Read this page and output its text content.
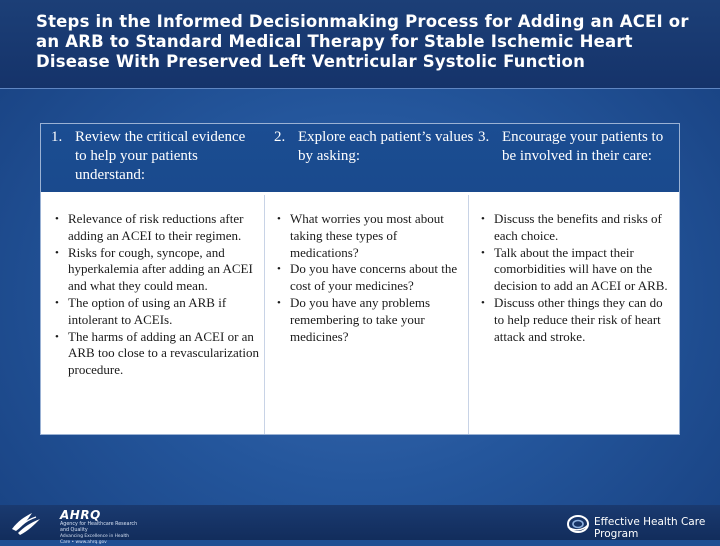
Steps in the Informed Decisionmaking Process for Adding an ACEI or an ARB to Standard Medical Therapy for Stable Ischemic Heart Disease With Preserved Left Ventricular Systolic Function
1. Review the critical evidence to help your patients understand:
2. Explore each patient’s values by asking:
3. Encourage your patients to be involved in their care:
• Relevance of risk reductions after adding an ACEI to their regimen.
• Risks for cough, syncope, and hyperkalemia after adding an ACEI and what they could mean.
• The option of using an ARB if intolerant to ACEIs.
• The harms of adding an ACEI or an ARB too close to a revascularization procedure.
• What worries you most about taking these types of medications?
• Do you have concerns about the cost of your medicines?
• Do you have any problems remembering to take your medicines?
• Discuss the benefits and risks of each choice.
• Talk about the impact their comorbidities will have on the decision to add an ACEI or ARB.
• Discuss other things they can do to help reduce their risk of heart attack and stroke.
AHRQ
Agency for Healthcare Research and Quality
Advancing Excellence in Health Care • www.ahrq.gov
Effective Health Care Program
